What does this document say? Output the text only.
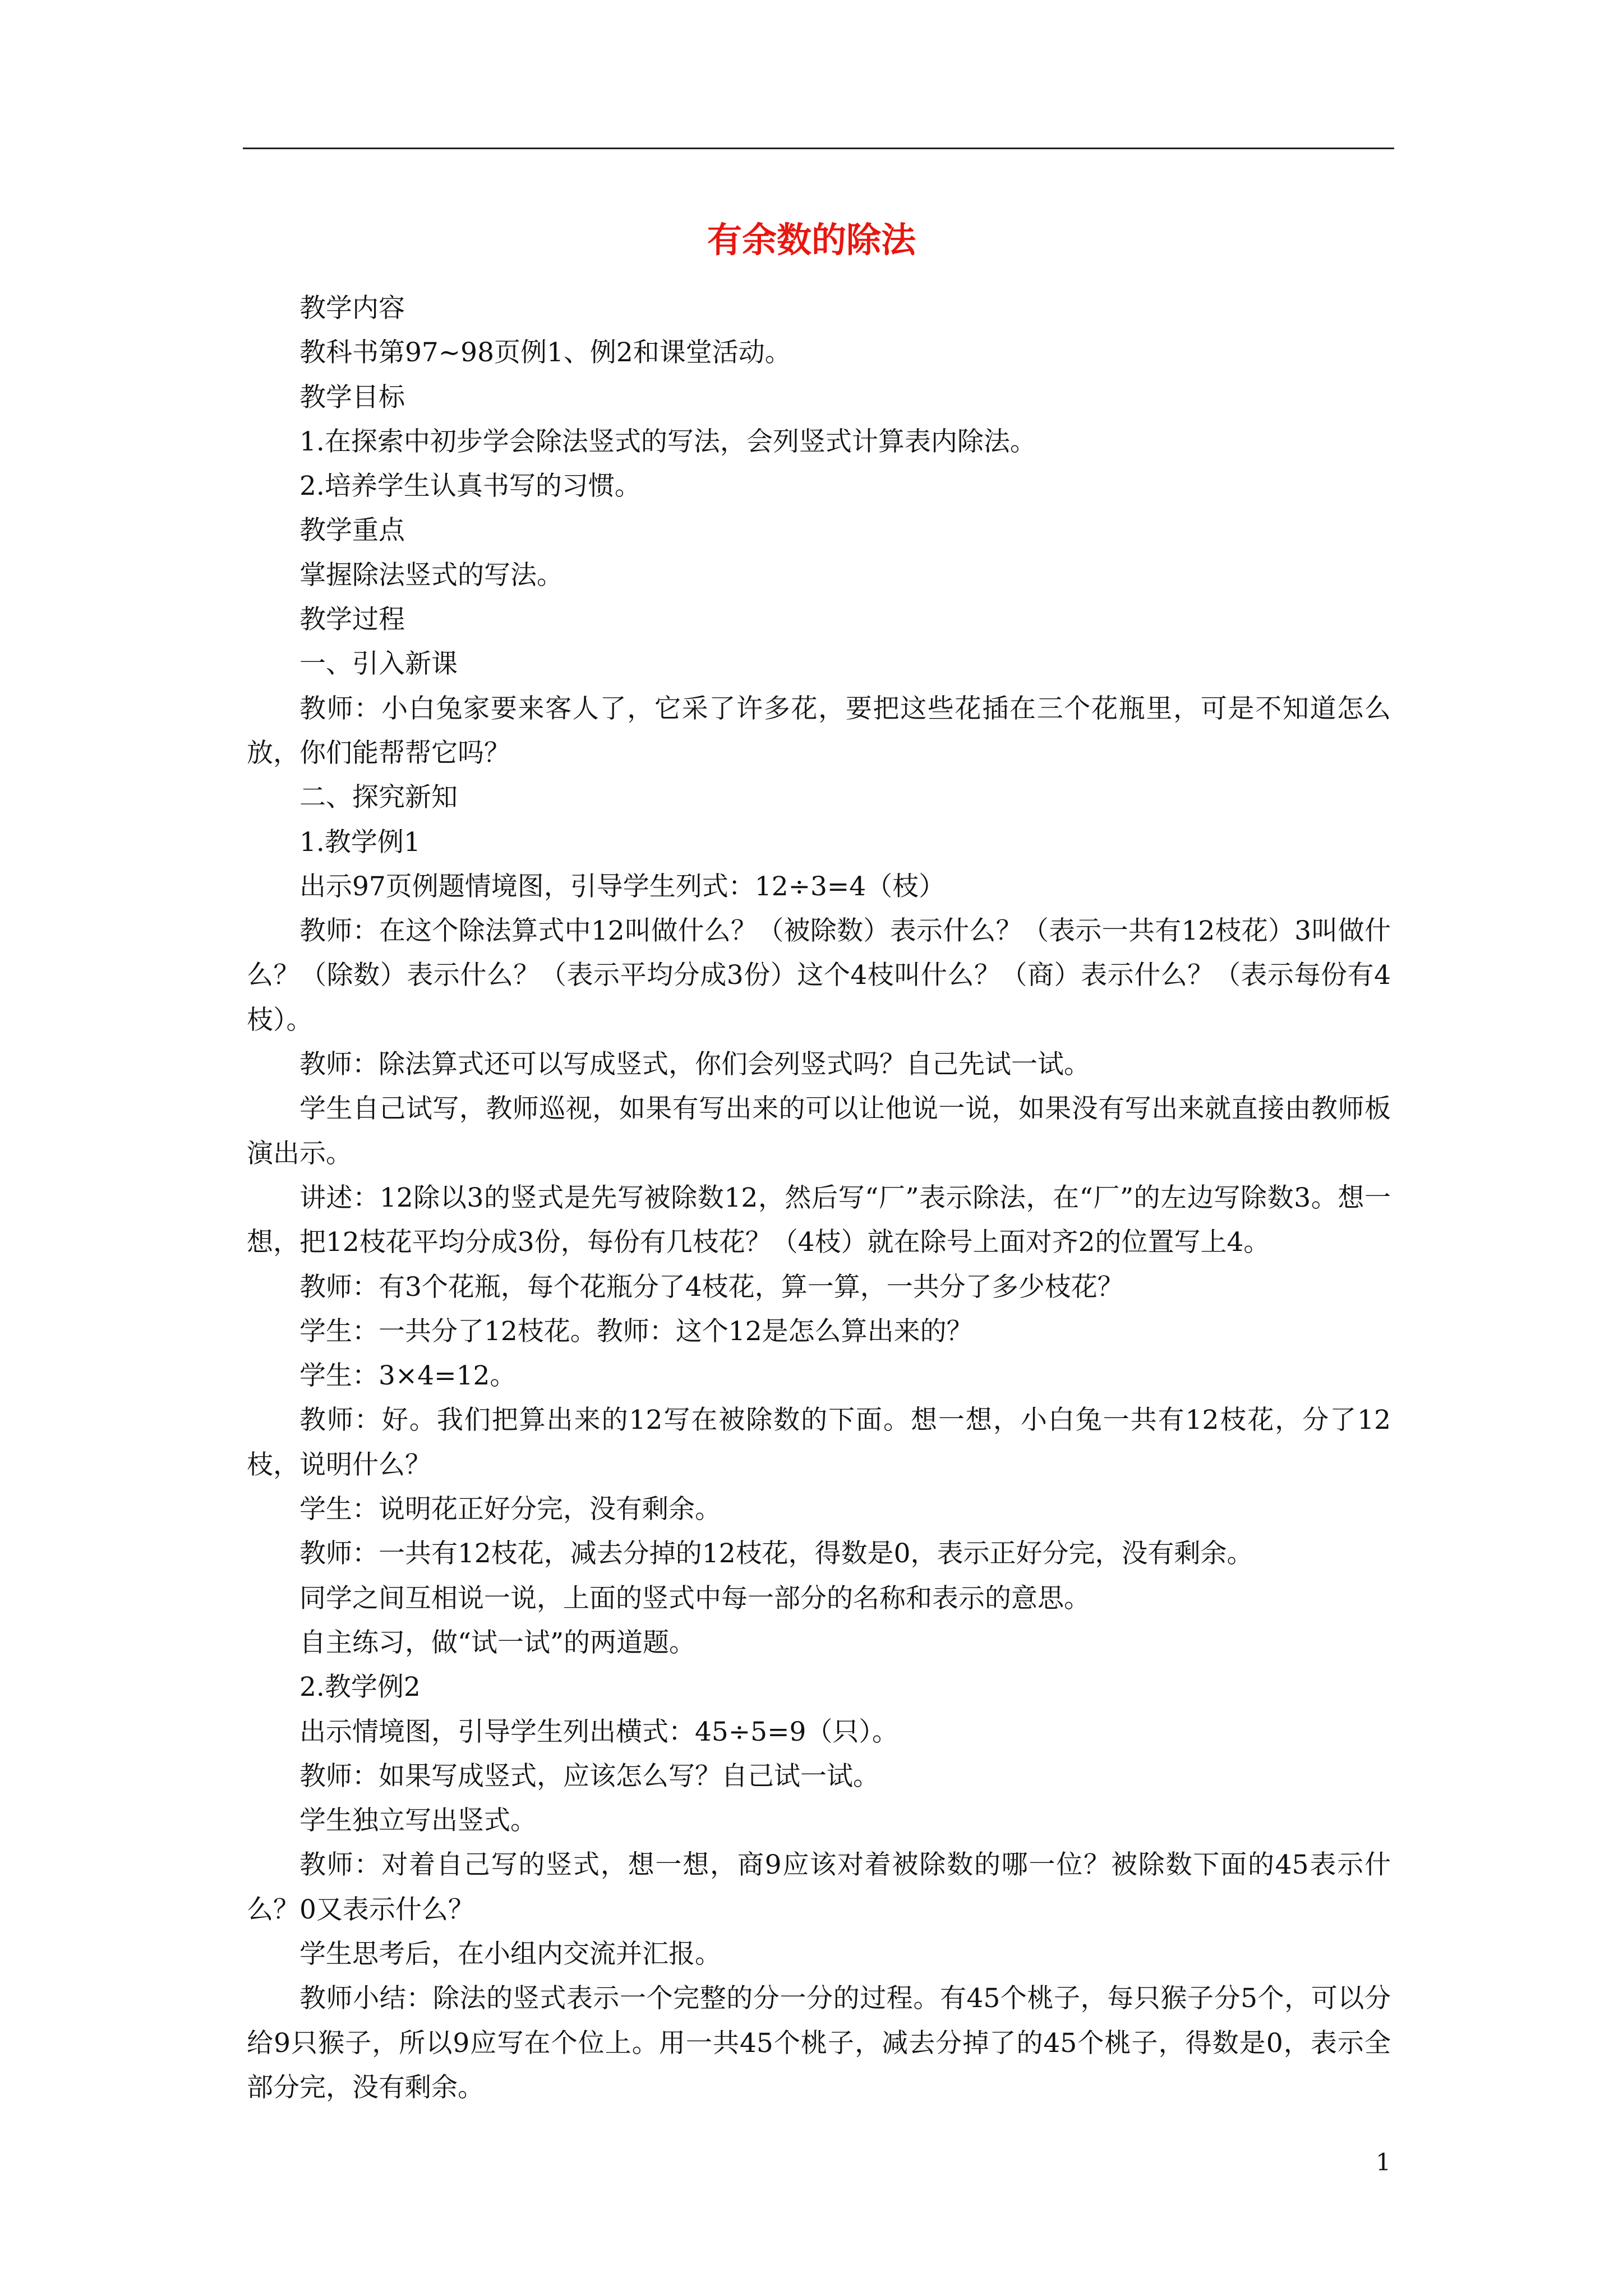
有余数的除法

教学内容

教科书第97~98页例1、例2和课堂活动。

教学目标

1.在探索中初步学会除法竖式的写法，会列竖式计算表内除法。

2.培养学生认真书写的习惯。

教学重点

掌握除法竖式的写法。

教学过程

一、引入新课

教师：小白兔家要来客人了，它采了许多花，要把这些花插在三个花瓶里，可是不知道怎么放，你们能帮帮它吗？

二、探究新知

1.教学例1

出示97页例题情境图，引导学生列式：12÷3=4（枝）

教师：在这个除法算式中12叫做什么？（被除数）表示什么？（表示一共有12枝花）3叫做什么？（除数）表示什么？（表示平均分成3份）这个4枝叫什么？（商）表示什么？（表示每份有4枝）。

教师：除法算式还可以写成竖式，你们会列竖式吗？自己先试一试。

学生自己试写，教师巡视，如果有写出来的可以让他说一说，如果没有写出来就直接由教师板演出示。

讲述：12除以3的竖式是先写被除数12，然后写“厂”表示除法，在“厂”的左边写除数3。想一想，把12枝花平均分成3份，每份有几枝花？（4枝）就在除号上面对齐2的位置写上4。

教师：有3个花瓶，每个花瓶分了4枝花，算一算，一共分了多少枝花？

学生：一共分了12枝花。教师：这个12是怎么算出来的？

学生：3×4=12。

教师：好。我们把算出来的12写在被除数的下面。想一想，小白兔一共有12枝花，分了12枝，说明什么？

学生：说明花正好分完，没有剩余。

教师：一共有12枝花，减去分掉的12枝花，得数是0，表示正好分完，没有剩余。

同学之间互相说一说，上面的竖式中每一部分的名称和表示的意思。

自主练习，做“试一试”的两道题。

2.教学例2

出示情境图，引导学生列出横式：45÷5=9（只）。

教师：如果写成竖式，应该怎么写？自己试一试。

学生独立写出竖式。

教师：对着自己写的竖式，想一想，商9应该对着被除数的哪一位？被除数下面的45表示什么？0又表示什么？

学生思考后，在小组内交流并汇报。

教师小结：除法的竖式表示一个完整的分一分的过程。有45个桃子，每只猴子分5个，可以分给9只猴子，所以9应写在个位上。用一共45个桃子，减去分掉了的45个桃子，得数是0，表示全部分完，没有剩余。

1
